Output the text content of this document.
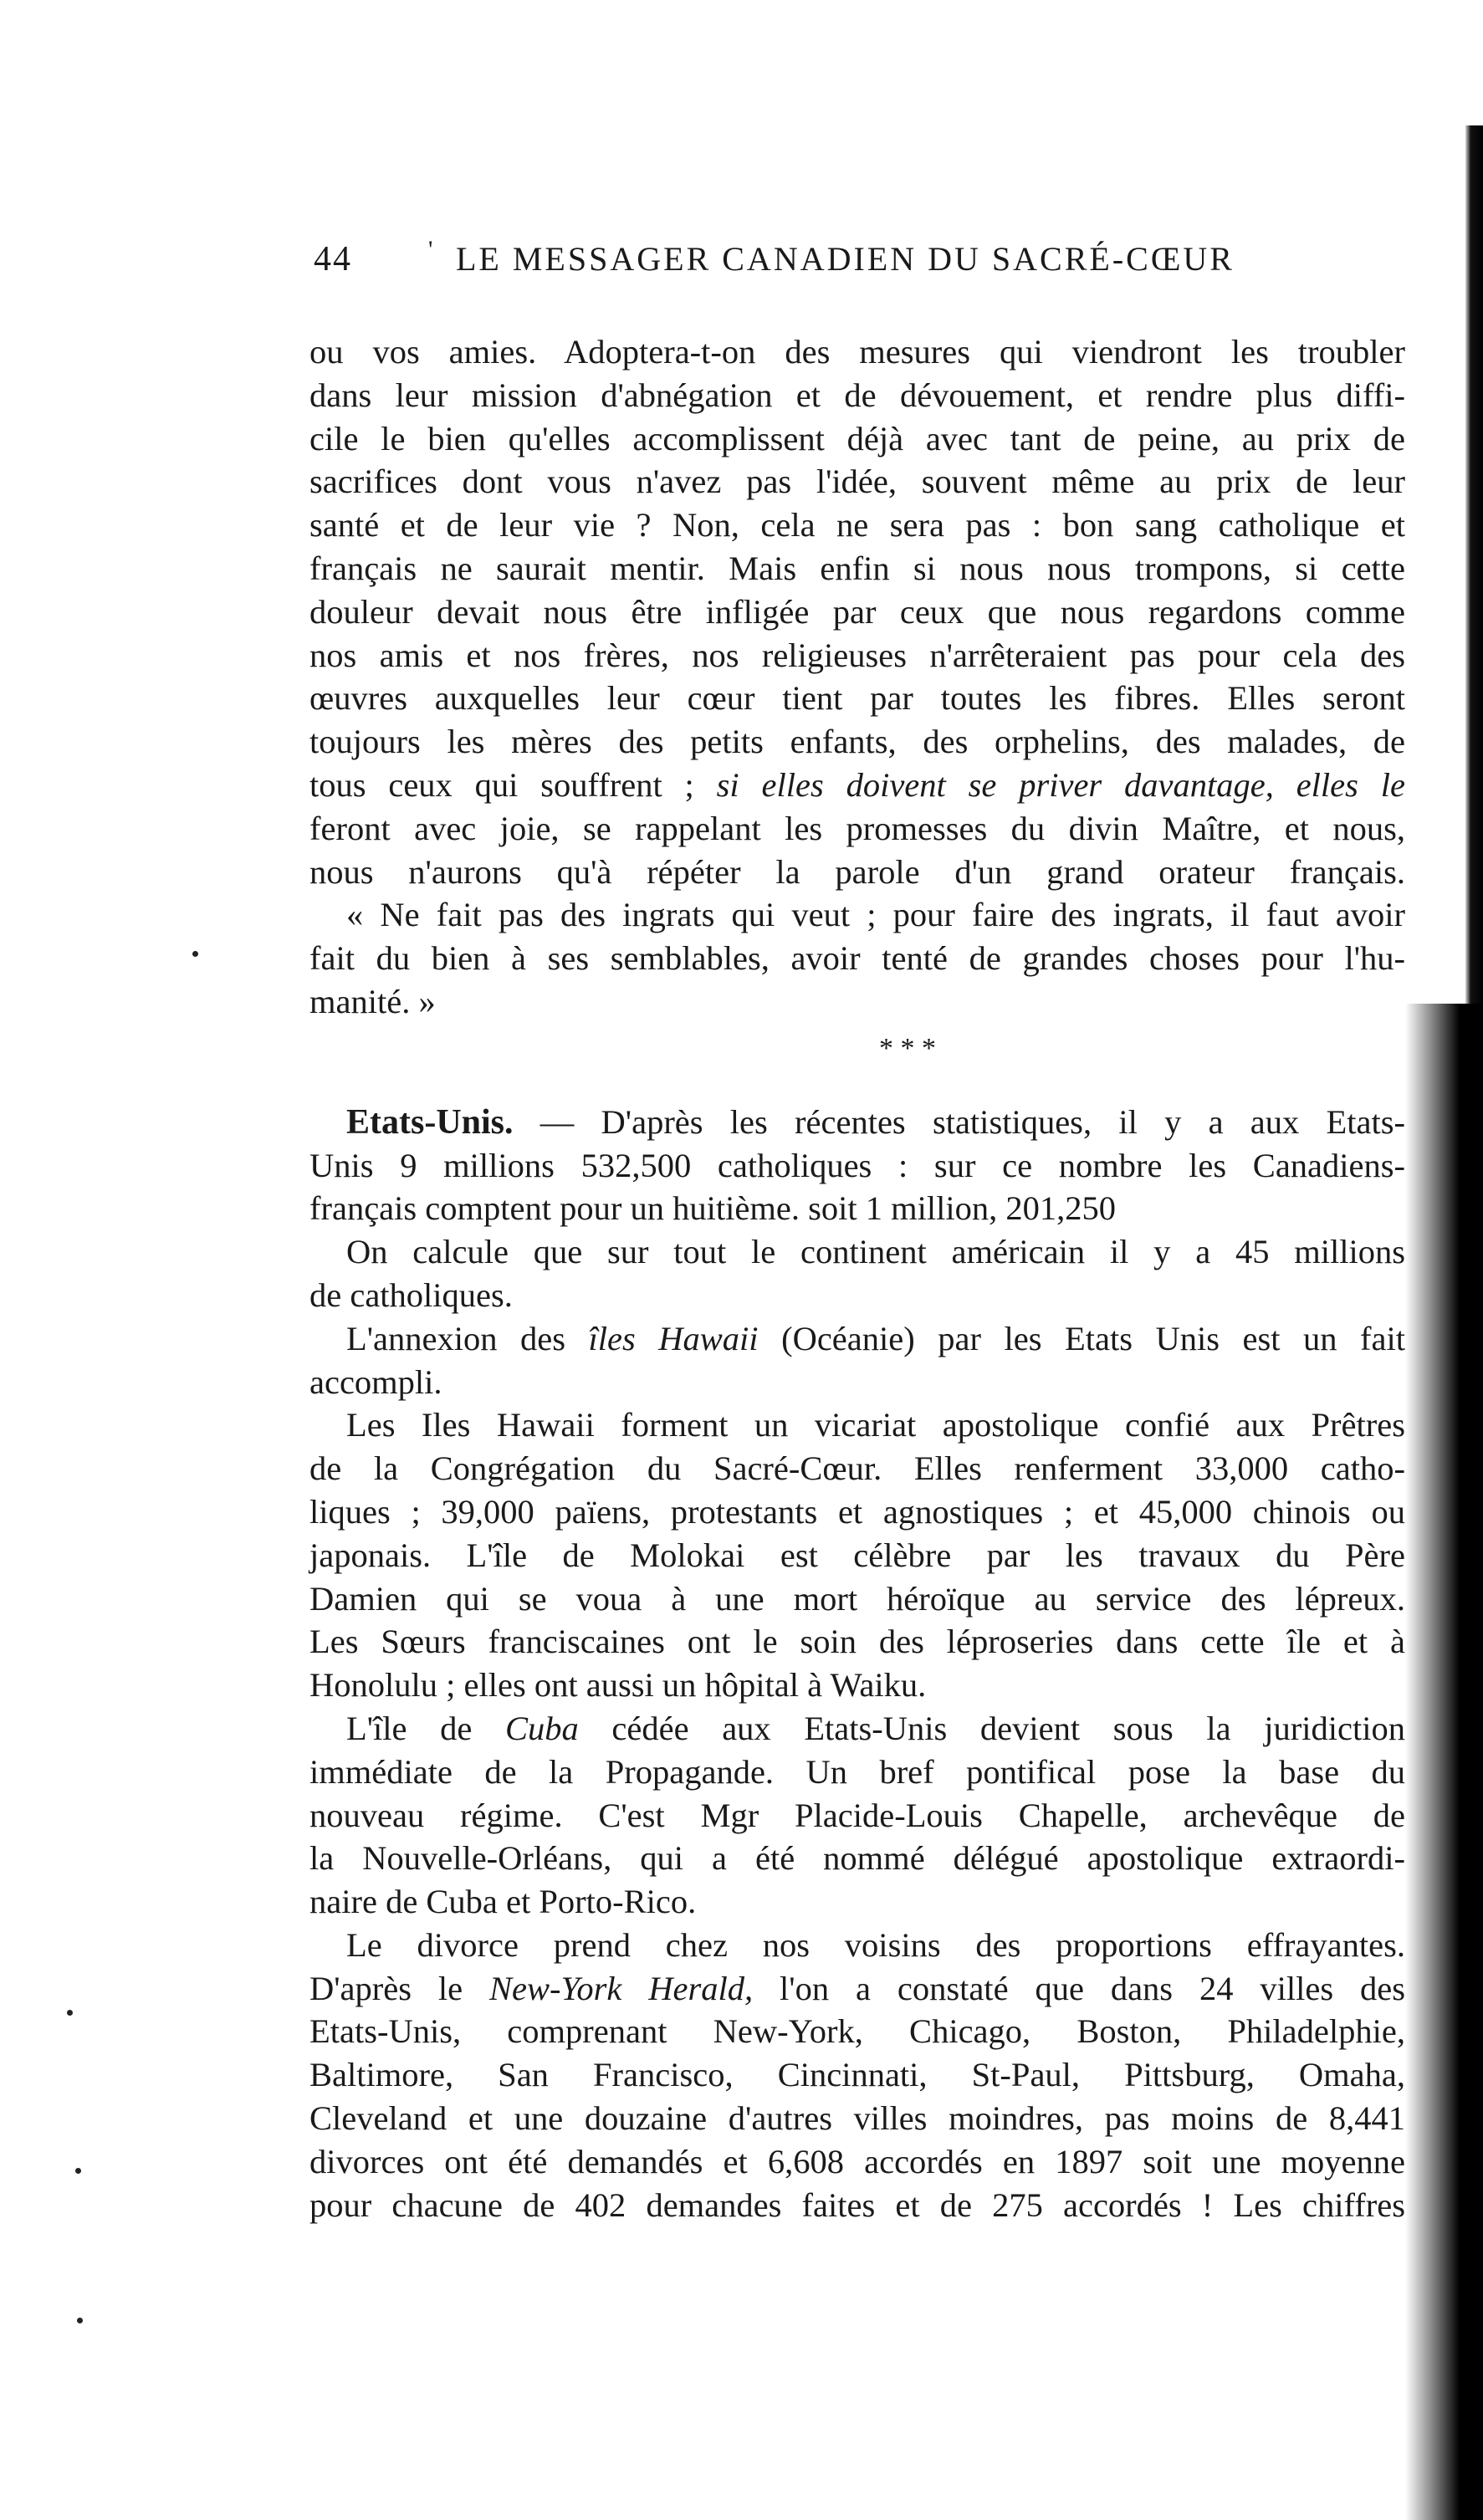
44	' LE MESSAGER CANADIEN DU SACRÉ-CŒUR
ou vos amies. Adoptera-t-on des mesures qui viendront les troubler
dans leur mission d'abnégation et de dévouement, et rendre plus diffi-
cile le bien qu'elles accomplissent déjà avec tant de peine, au prix de
sacrifices dont vous n'avez pas l'idée, souvent même au prix de leur
santé et de leur vie ? Non, cela ne sera pas : bon sang catholique et
français ne saurait mentir. Mais enfin si nous nous trompons, si cette
douleur devait nous être infligée par ceux que nous regardons comme
nos amis et nos frères, nos religieuses n'arrêteraient pas pour cela des
œuvres auxquelles leur cœur tient par toutes les fibres. Elles seront
toujours les mères des petits enfants, des orphelins, des malades, de
tous ceux qui souffrent ; si elles doivent se priver davantage, elles le
feront avec joie, se rappelant les promesses du divin Maître, et nous,
nous n'aurons qu'à répéter la parole d'un grand orateur français.
« Ne fait pas des ingrats qui veut ; pour faire des ingrats, il faut avoir
fait du bien à ses semblables, avoir tenté de grandes choses pour l'hu-
manité. »
* * *
Etats-Unis. — D'après les récentes statistiques, il y a aux Etats-
Unis 9 millions 532,500 catholiques : sur ce nombre les Canadiens-
français comptent pour un huitième. soit 1 million, 201,250
On calcule que sur tout le continent américain il y a 45 millions
de catholiques.
L'annexion des îles Hawaii (Océanie) par les Etats Unis est un fait
accompli.
Les Iles Hawaii forment un vicariat apostolique confié aux Prêtres
de la Congrégation du Sacré-Cœur. Elles renferment 33,000 catho-
liques ; 39,000 païens, protestants et agnostiques ; et 45,000 chinois ou
japonais. L'île de Molokai est célèbre par les travaux du Père
Damien qui se voua à une mort héroïque au service des lépreux.
Les Sœurs franciscaines ont le soin des léproseries dans cette île et à
Honolulu ; elles ont aussi un hôpital à Waiku.
L'île de Cuba cédée aux Etats-Unis devient sous la juridiction
immédiate de la Propagande. Un bref pontifical pose la base du
nouveau régime. C'est Mgr Placide-Louis Chapelle, archevêque de
la Nouvelle-Orléans, qui a été nommé délégué apostolique extraordi-
naire de Cuba et Porto-Rico.
Le divorce prend chez nos voisins des proportions effrayantes.
D'après le New-York Herald, l'on a constaté que dans 24 villes des
Etats-Unis, comprenant New-York, Chicago, Boston, Philadelphie,
Baltimore, San Francisco, Cincinnati, St-Paul, Pittsburg, Omaha,
Cleveland et une douzaine d'autres villes moindres, pas moins de 8,441
divorces ont été demandés et 6,608 accordés en 1897 soit une moyenne
pour chacune de 402 demandes faites et de 275 accordés ! Les chiffres
